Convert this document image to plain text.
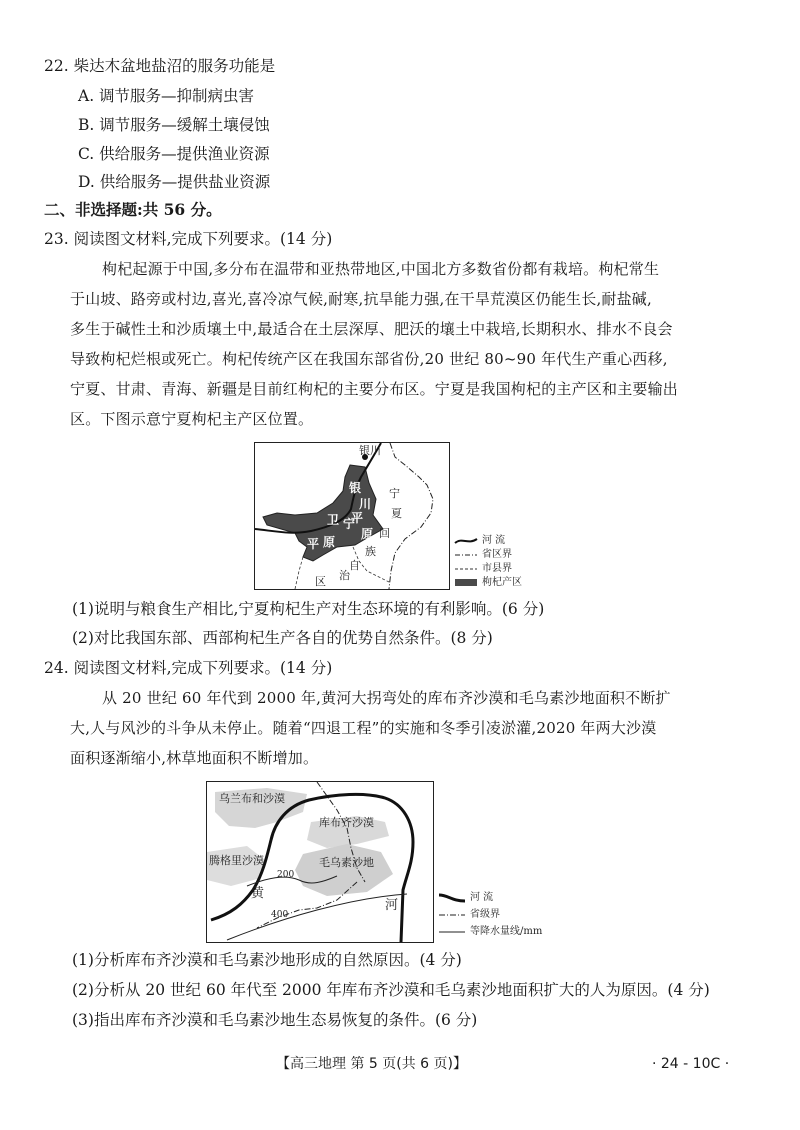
22. 柴达木盆地盐沼的服务功能是
A. 调节服务—抑制病虫害
B. 调节服务—缓解土壤侵蚀
C. 供给服务—提供渔业资源
D. 供给服务—提供盐业资源
二、非选择题:共 56 分。
23. 阅读图文材料,完成下列要求。(14 分)
枸杞起源于中国,多分布在温带和亚热带地区,中国北方多数省份都有栽培。枸杞常生
于山坡、路旁或村边,喜光,喜冷凉气候,耐寒,抗旱能力强,在干旱荒漠区仍能生长,耐盐碱,
多生于碱性土和沙质壤土中,最适合在土层深厚、肥沃的壤土中栽培,长期积水、排水不良会
导致枸杞烂根或死亡。枸杞传统产区在我国东部省份,20 世纪 80~90 年代生产重心西移,
宁夏、甘肃、青海、新疆是目前红枸杞的主要分布区。宁夏是我国枸杞的主产区和主要输出
区。下图示意宁夏枸杞主产区位置。
银川
银
川
平
原
卫 宁
平 原
宁
夏
回
族
自
治
区
河 流
省区界
市县界
枸杞产区
(1)说明与粮食生产相比,宁夏枸杞生产对生态环境的有利影响。(6 分)
(2)对比我国东部、西部枸杞生产各自的优势自然条件。(8 分)
24. 阅读图文材料,完成下列要求。(14 分)
从 20 世纪 60 年代到 2000 年,黄河大拐弯处的库布齐沙漠和毛乌素沙地面积不断扩
大,人与风沙的斗争从未停止。随着“四退工程”的实施和冬季引凌淤灌,2020 年两大沙漠
面积逐渐缩小,林草地面积不断增加。
乌兰布和沙漠
库布齐沙漠
腾格里沙漠	毛乌素沙地
黄
河
200
400
河 流
省级界
等降水量线/mm
(1)分析库布齐沙漠和毛乌素沙地形成的自然原因。(4 分)
(2)分析从 20 世纪 60 年代至 2000 年库布齐沙漠和毛乌素沙地面积扩大的人为原因。(4 分)
(3)指出库布齐沙漠和毛乌素沙地生态易恢复的条件。(6 分)
【高三地理 第 5 页(共 6 页)】	· 24 - 10C ·
